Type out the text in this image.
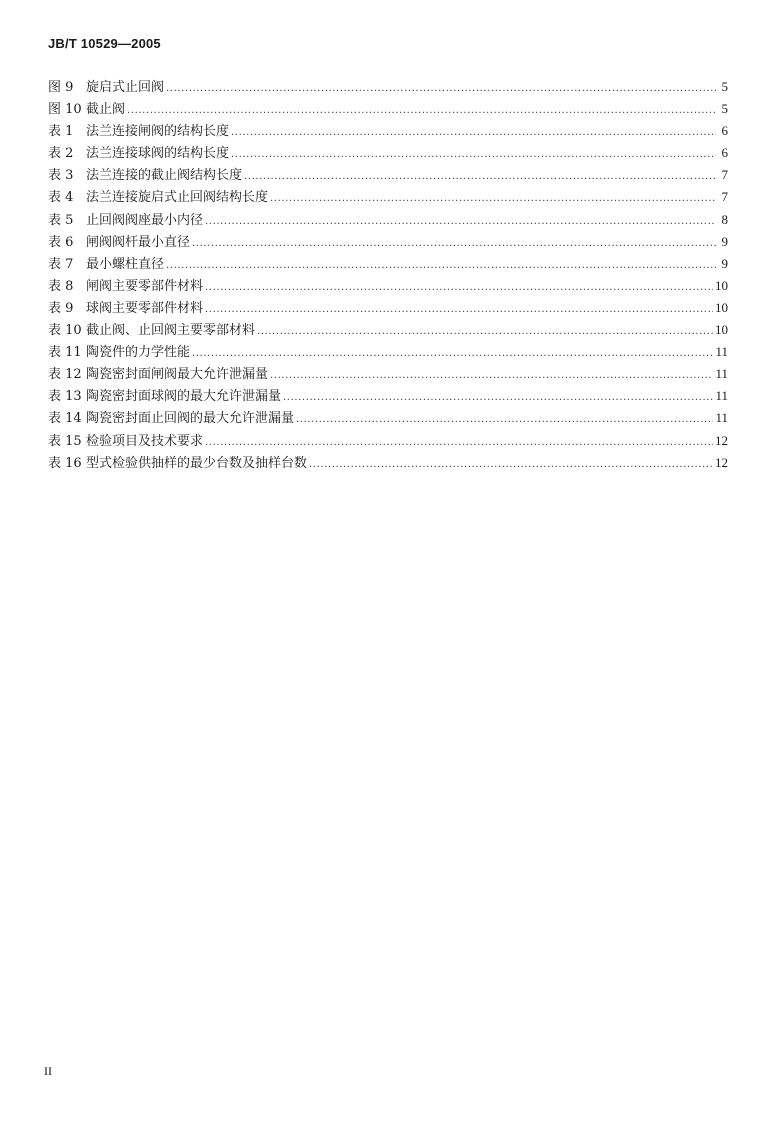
JB/T 10529—2005
图 9 旋启式止回阀 .....	5
图 10 截止阀 .....	5
表 1 法兰连接闸阀的结构长度 .....	6
表 2 法兰连接球阀的结构长度 .....	6
表 3 法兰连接的截止阀结构长度 .....	7
表 4 法兰连接旋启式止回阀结构长度 .....	7
表 5 止回阀阀座最小内径 .....	8
表 6 闸阀阀杆最小直径 .....	9
表 7 最小螺柱直径 .....	9
表 8 闸阀主要零部件材料 .....	10
表 9 球阀主要零部件材料 .....	10
表 10 截止阀、止回阀主要零部材料 .....	10
表 11 陶瓷件的力学性能 .....	11
表 12 陶瓷密封面闸阀最大允许泄漏量 .....	11
表 13 陶瓷密封面球阀的最大允许泄漏量 .....	11
表 14 陶瓷密封面止回阀的最大允许泄漏量 .....	11
表 15 检验项目及技术要求 .....	12
表 16 型式检验供抽样的最少台数及抽样台数 .....	12
II
